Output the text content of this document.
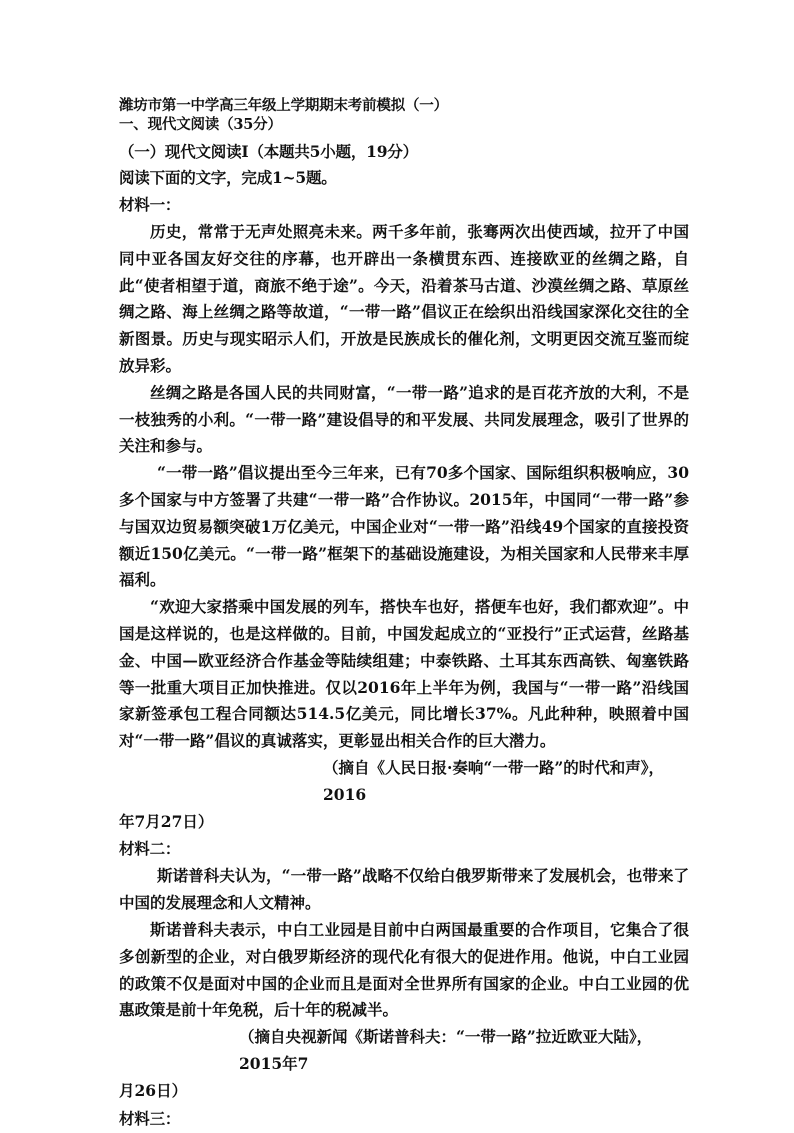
潍坊市第一中学高三年级上学期期末考前模拟（一）

一、现代文阅读（35分）

（一）现代文阅读Ⅰ（本题共5小题，19分）

阅读下面的文字，完成1~5题。

材料一：

历史，常常于无声处照亮未来。两千多年前，张骞两次出使西域，拉开了中国同中亚各国友好交往的序幕，也开辟出一条横贯东西、连接欧亚的丝绸之路，自此“使者相望于道，商旅不绝于途”。今天，沿着茶马古道、沙漠丝绸之路、草原丝绸之路、海上丝绸之路等故道，“一带一路”倡议正在绘织出沿线国家深化交往的全新图景。历史与现实昭示人们，开放是民族成长的催化剂，文明更因交流互鉴而绽放异彩。

丝绸之路是各国人民的共同财富，“一带一路”追求的是百花齐放的大利，不是一枝独秀的小利。“一带一路”建设倡导的和平发展、共同发展理念，吸引了世界的关注和参与。

“一带一路”倡议提出至今三年来，已有70多个国家、国际组织积极响应，30多个国家与中方签署了共建“一带一路”合作协议。2015年，中国同“一带一路”参与国双边贸易额突破1万亿美元，中国企业对“一带一路”沿线49个国家的直接投资额近150亿美元。“一带一路”框架下的基础设施建设，为相关国家和人民带来丰厚福利。

“欢迎大家搭乘中国发展的列车，搭快车也好，搭便车也好，我们都欢迎”。中国是这样说的，也是这样做的。目前，中国发起成立的“亚投行”正式运营，丝路基金、中国—欧亚经济合作基金等陆续组建；中泰铁路、土耳其东西高铁、匈塞铁路等一批重大项目正加快推进。仅以2016年上半年为例，我国与“一带一路”沿线国家新签承包工程合同额达514.5亿美元，同比增长37%。凡此种种，映照着中国对“一带一路”倡议的真诚落实，更彰显出相关合作的巨大潜力。

（摘自《人民日报·奏响“一带一路”的时代和声》，2016
年7月27日）

材料二：

斯诺普科夫认为，“一带一路”战略不仅给白俄罗斯带来了发展机会，也带来了中国的发展理念和人文精神。

斯诺普科夫表示，中白工业园是目前中白两国最重要的合作项目，它集合了很多创新型的企业，对白俄罗斯经济的现代化有很大的促进作用。他说，中白工业园的政策不仅是面对中国的企业而且是面对全世界所有国家的企业。中白工业园的优惠政策是前十年免税，后十年的税减半。

（摘自央视新闻《斯诺普科夫：“一带一路”拉近欧亚大陆》，2015年7
月26日）

材料三：
